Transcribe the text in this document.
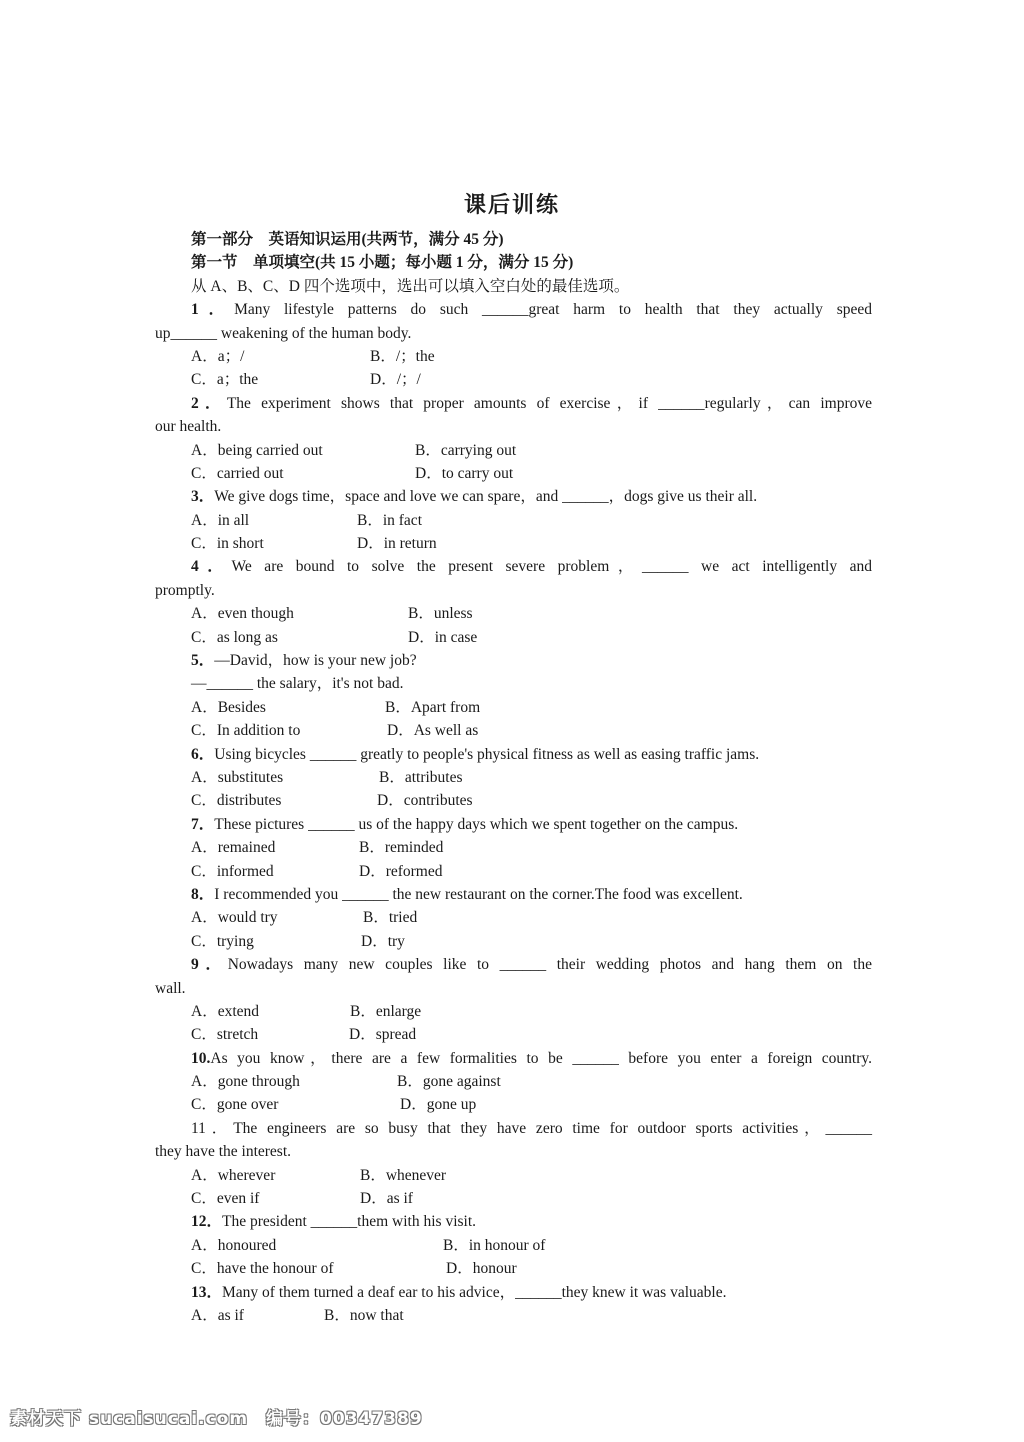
课后训练
第一部分　英语知识运用(共两节，满分 45 分)
第一节　单项填空(共 15 小题；每小题 1 分，满分 15 分)
从 A、B、C、D 四个选项中，选出可以填入空白处的最佳选项。
1．Many lifestyle patterns do such ______great harm to health that they actually speed
up______ weakening of the human body.
A．a；/	B．/；the
C．a；the	D．/；/
2．The experiment shows that proper amounts of exercise，if ______regularly，can improve
our health.
A．being carried out	B．carrying out
C．carried out	D．to carry out
3．We give dogs time，space and love we can spare，and ______，dogs give us their all.
A．in all	B．in fact
C．in short	D．in return
4．We are bound to solve the present severe problem，______ we act intelligently and
promptly.
A．even though	B．unless
C．as long as	D．in case
5．—David，how is your new job?
—______ the salary，it's not bad.
A．Besides	B．Apart from
C．In addition to	D．As well as
6．Using bicycles ______ greatly to people's physical fitness as well as easing traffic jams.
A．substitutes	B．attributes
C．distributes	D．contributes
7．These pictures ______ us of the happy days which we spent together on the campus.
A．remained	B．reminded
C．informed	D．reformed
8．I recommended you ______ the new restaurant on the corner.The food was excellent.
A．would try	B．tried
C．trying	D．try
9．Nowadays many new couples like to ______ their wedding photos and hang them on the
wall.
A．extend	B．enlarge
C．stretch	D．spread
10.As you know，there are a few formalities to be ______ before you enter a foreign country.
A．gone through	B．gone against
C．gone over	D．gone up
11．The engineers are so busy that they have zero time for outdoor sports activities，______
they have the interest.
A．wherever	B．whenever
C．even if	D．as if
12．The president ______them with his visit.
A．honoured	B．in honour of
C．have the honour of	D．honour
13．Many of them turned a deaf ear to his advice，______they knew it was valuable.
A．as if	B．now that
素材天下 sucaisucai.com　编号：00347389
